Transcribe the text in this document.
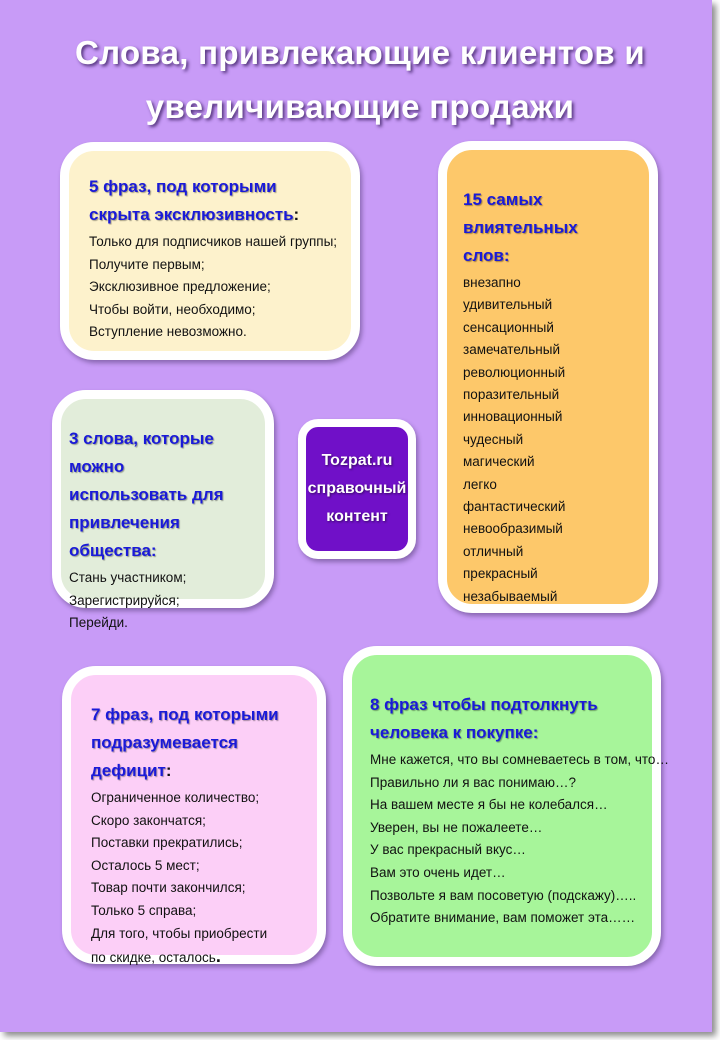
Слова, привлекающие клиентов и
увеличивающие продажи
5 фраз, под которыми
скрыта эксклюзивность:
Только для подписчиков нашей группы;
Получите первым;
Эксклюзивное предложение;
Чтобы войти, необходимо;
Вступление невозможно.
15 самых влиятельных
слов:
внезапно
удивительный
сенсационный
замечательный
революционный
поразительный
инновационный
чудесный
магический
легко
фантастический
невообразимый
отличный
прекрасный
незабываемый
3 слова, которые можно
использовать для
привлечения общества:
Стань участником;
Зарегистрируйся;
Перейди.
Tozpat.ru
справочный
контент
7 фраз, под которыми
подразумевается дефицит:
Ограниченное количество;
Скоро закончатся;
Поставки прекратились;
Осталось 5 мест;
Товар почти закончился;
Только 5 справа;
Для того, чтобы приобрести
по скидке, осталось.
8 фраз чтобы подтолкнуть
человека к покупке:
Мне кажется, что вы сомневаетесь в том, что…
Правильно ли я вас понимаю…?
На вашем месте я бы не колебался…
Уверен, вы не пожалеете…
У вас прекрасный вкус…
Вам это очень идет…
Позвольте я вам посоветую (подскажу)…..
Обратите внимание, вам поможет эта……
